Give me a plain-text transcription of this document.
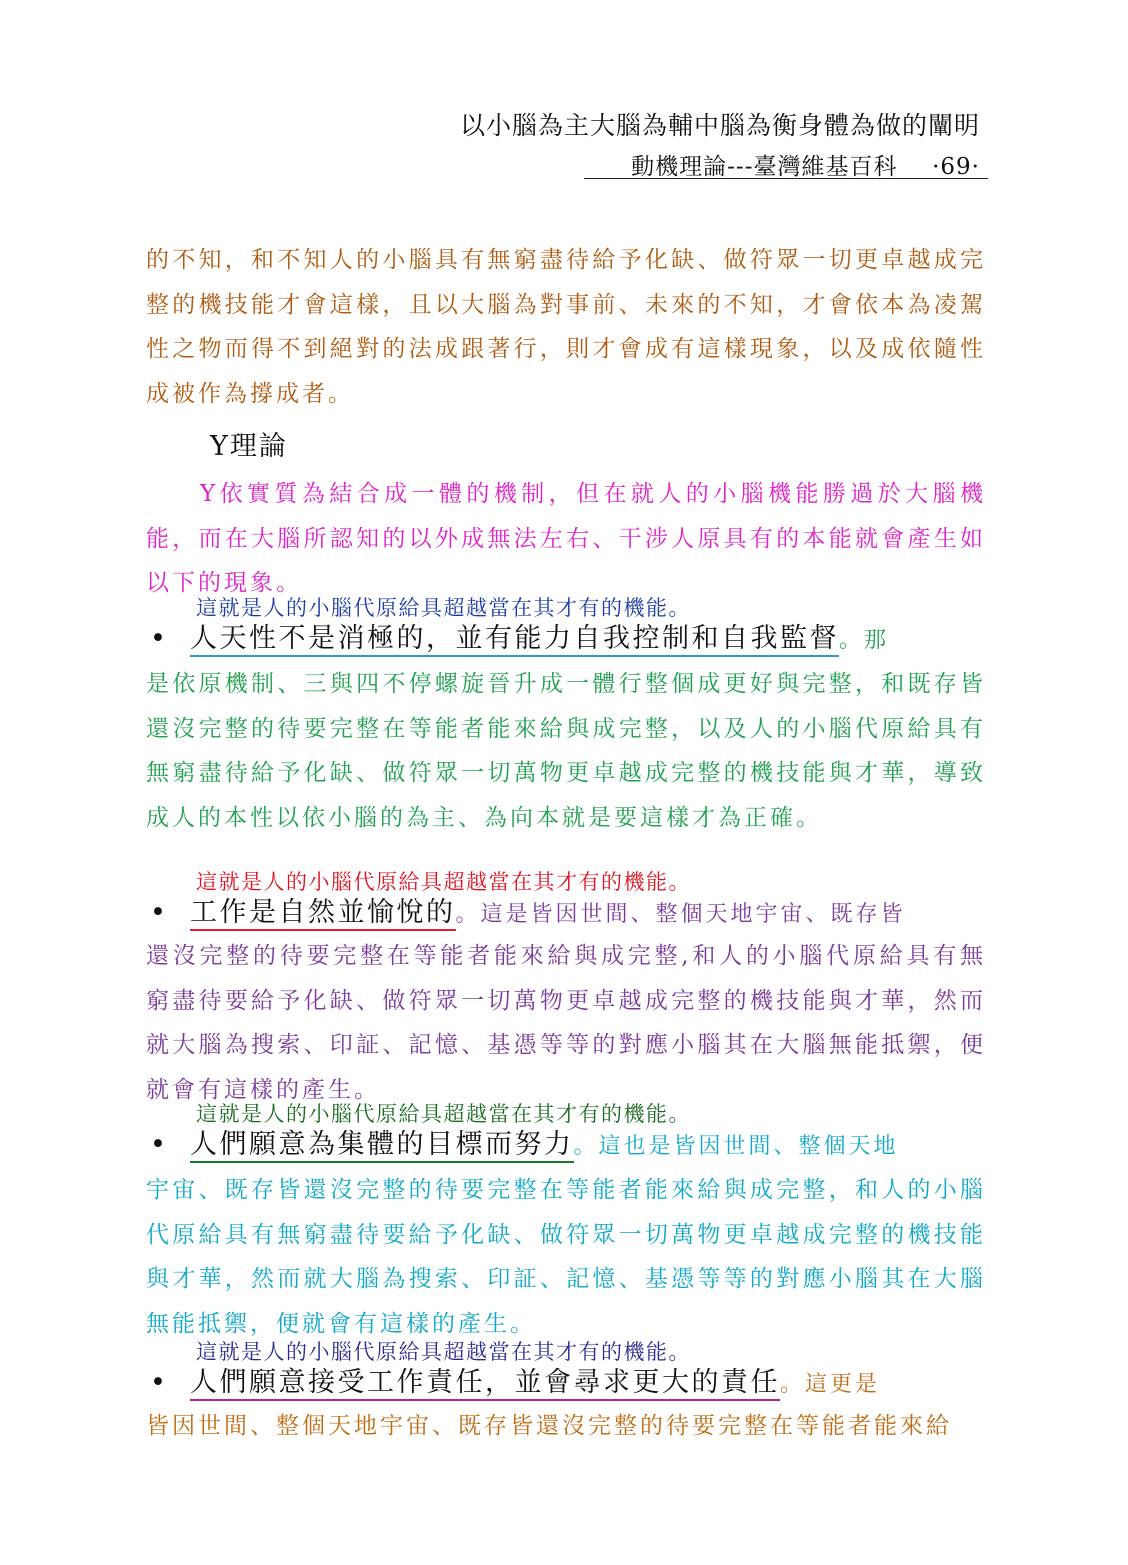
以小腦為主大腦為輔中腦為衡身體為做的闡明
動機理論---臺灣維基百科 ·69·

的不知，和不知人的小腦具有無窮盡待給予化缺、做符眾一切更卓越成完整的機技能才會這樣，且以大腦為對事前、未來的不知，才會依本為凌駕性之物而得不到絕對的法成跟著行，則才會成有這樣現象，以及成依隨性成被作為撐成者。

Y理論

Y依實質為結合成一體的機制，但在就人的小腦機能勝過於大腦機能，而在大腦所認知的以外成無法左右、干涉人原具有的本能就會產生如以下的現象。

這就是人的小腦代原給具超越當在其才有的機能。
• 人天性不是消極的，並有能力自我控制和自我監督。那

是依原機制、三與四不停螺旋晉升成一體行整個成更好與完整，和既存皆還沒完整的待要完整在等能者能來給與成完整，以及人的小腦代原給具有無窮盡待給予化缺、做符眾一切萬物更卓越成完整的機技能與才華，導致成人的本性以依小腦的為主、為向本就是要這樣才為正確。

這就是人的小腦代原給具超越當在其才有的機能。
• 工作是自然並愉悅的。這是皆因世間、整個天地宇宙、既存皆

還沒完整的待要完整在等能者能來給與成完整,和人的小腦代原給具有無窮盡待要給予化缺、做符眾一切萬物更卓越成完整的機技能與才華，然而就大腦為搜索、印証、記憶、基憑等等的對應小腦其在大腦無能抵禦，便就會有這樣的產生。

這就是人的小腦代原給具超越當在其才有的機能。
• 人們願意為集體的目標而努力。這也是皆因世間、整個天地

宇宙、既存皆還沒完整的待要完整在等能者能來給與成完整，和人的小腦代原給具有無窮盡待要給予化缺、做符眾一切萬物更卓越成完整的機技能與才華，然而就大腦為搜索、印証、記憶、基憑等等的對應小腦其在大腦無能抵禦，便就會有這樣的產生。

這就是人的小腦代原給具超越當在其才有的機能。
• 人們願意接受工作責任，並會尋求更大的責任。這更是

皆因世間、整個天地宇宙、既存皆還沒完整的待要完整在等能者能來給
